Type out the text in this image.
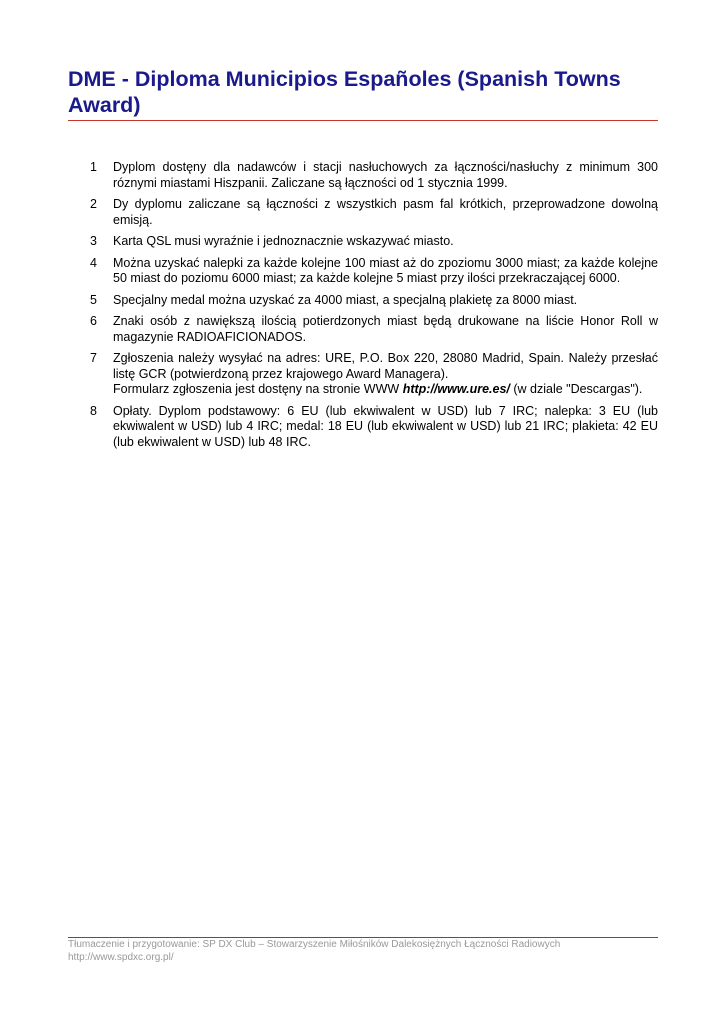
DME - Diploma Municipios Españoles (Spanish Towns Award)
1 Dyplom dostęny dla nadawców i stacji nasłuchowych za łączności/nasłuchy z minimum 300 róznymi miastami Hiszpanii. Zaliczane są łączności od 1 stycznia 1999.
2 Dy dyplomu zaliczane są łączności z wszystkich pasm fal krótkich, przeprowadzone dowolną emisją.
3 Karta QSL musi wyraźnie i jednoznacznie wskazywać miasto.
4 Można uzyskać nalepki za każde kolejne 100 miast aż do zpoziomu 3000 miast; za każde kolejne 50 miast do poziomu 6000 miast; za każde kolejne 5 miast przy ilości przekraczającej 6000.
5 Specjalny medal można uzyskać za 4000 miast, a specjalną plakietę za 8000 miast.
6 Znaki osób z nawiększą ilością potierdzonych miast będą drukowane na liście Honor Roll w magazynie RADIOAFICIONADOS.
7 Zgłoszenia należy wysyłać na adres: URE, P.O. Box 220, 28080 Madrid, Spain. Należy przesłać listę GCR (potwierdzoną przez krajowego Award Managera).
Formularz zgłoszenia jest dostęny na stronie WWW http://www.ure.es/ (w dziale "Descargas").
8 Opłaty. Dyplom podstawowy: 6 EU (lub ekwiwalent w USD) lub 7 IRC; nalepka: 3 EU (lub ekwiwalent w USD) lub 4 IRC; medal: 18 EU (lub ekwiwalent w USD) lub 21 IRC; plakieta: 42 EU (lub ekwiwalent w USD) lub 48 IRC.
Tłumaczenie i przygotowanie: SP DX Club – Stowarzyszenie Miłośników Dalekosiężnych Łączności Radiowych
http://www.spdxc.org.pl/
